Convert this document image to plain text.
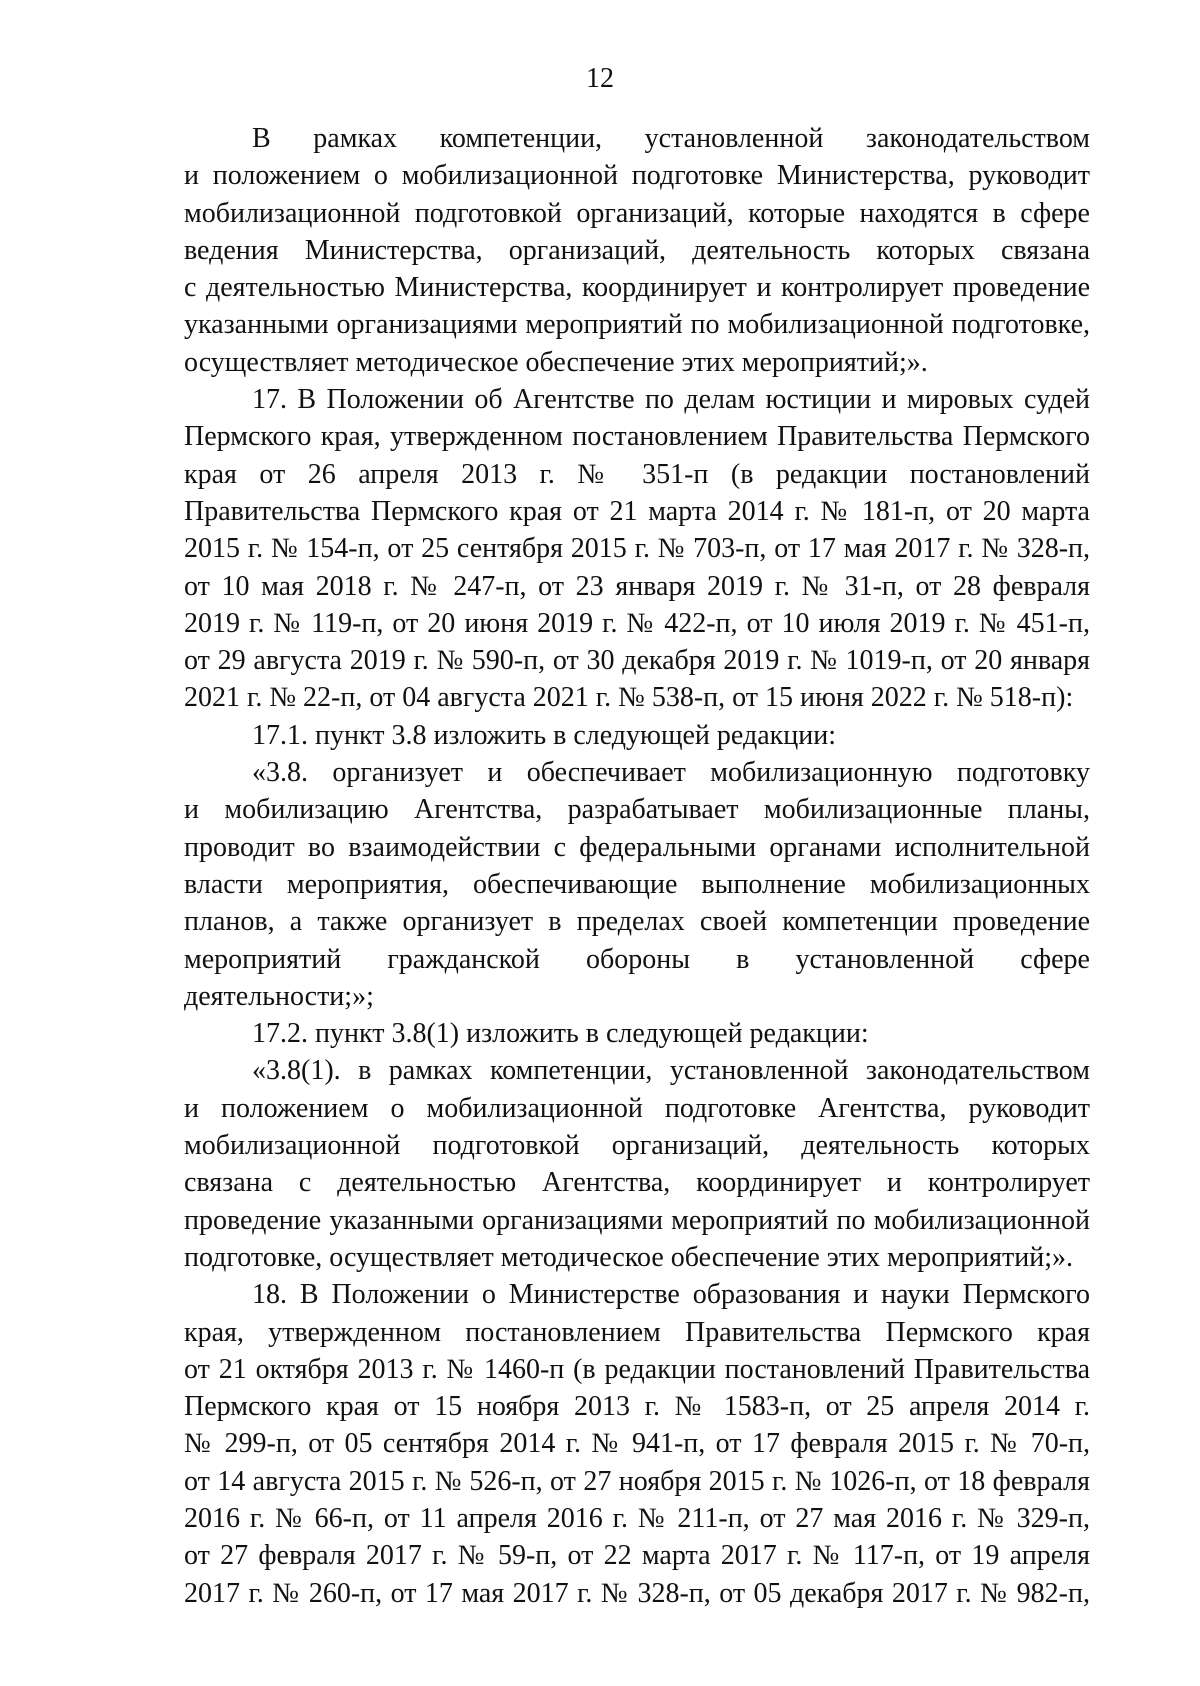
12
В рамках компетенции, установленной законодательством
и положением о мобилизационной подготовке Министерства, руководит
мобилизационной подготовкой организаций, которые находятся в сфере
ведения Министерства, организаций, деятельность которых связана
с деятельностью Министерства, координирует и контролирует проведение
указанными организациями мероприятий по мобилизационной подготовке,
осуществляет методическое обеспечение этих мероприятий;».
17. В Положении об Агентстве по делам юстиции и мировых судей
Пермского края, утвержденном постановлением Правительства Пермского
края от 26 апреля 2013 г. № 351-п (в редакции постановлений
Правительства Пермского края от 21 марта 2014 г. № 181-п, от 20 марта
2015 г. № 154-п, от 25 сентября 2015 г. № 703-п, от 17 мая 2017 г. № 328-п,
от 10 мая 2018 г. № 247-п, от 23 января 2019 г. № 31-п, от 28 февраля
2019 г. № 119-п, от 20 июня 2019 г. № 422-п, от 10 июля 2019 г. № 451-п,
от 29 августа 2019 г. № 590-п, от 30 декабря 2019 г. № 1019-п, от 20 января
2021 г. № 22-п, от 04 августа 2021 г. № 538-п, от 15 июня 2022 г. № 518-п):
17.1. пункт 3.8 изложить в следующей редакции:
«3.8. организует и обеспечивает мобилизационную подготовку
и мобилизацию Агентства, разрабатывает мобилизационные планы,
проводит во взаимодействии с федеральными органами исполнительной
власти мероприятия, обеспечивающие выполнение мобилизационных
планов, а также организует в пределах своей компетенции проведение
мероприятий гражданской обороны в установленной сфере
деятельности;»;
17.2. пункт 3.8(1) изложить в следующей редакции:
«3.8(1). в рамках компетенции, установленной законодательством
и положением о мобилизационной подготовке Агентства, руководит
мобилизационной подготовкой организаций, деятельность которых
связана с деятельностью Агентства, координирует и контролирует
проведение указанными организациями мероприятий по мобилизационной
подготовке, осуществляет методическое обеспечение этих мероприятий;».
18. В Положении о Министерстве образования и науки Пермского
края, утвержденном постановлением Правительства Пермского края
от 21 октября 2013 г. № 1460-п (в редакции постановлений Правительства
Пермского края от 15 ноября 2013 г. № 1583-п, от 25 апреля 2014 г.
№ 299-п, от 05 сентября 2014 г. № 941-п, от 17 февраля 2015 г. № 70-п,
от 14 августа 2015 г. № 526-п, от 27 ноября 2015 г. № 1026-п, от 18 февраля
2016 г. № 66-п, от 11 апреля 2016 г. № 211-п, от 27 мая 2016 г. № 329-п,
от 27 февраля 2017 г. № 59-п, от 22 марта 2017 г. № 117-п, от 19 апреля
2017 г. № 260-п, от 17 мая 2017 г. № 328-п, от 05 декабря 2017 г. № 982-п,
